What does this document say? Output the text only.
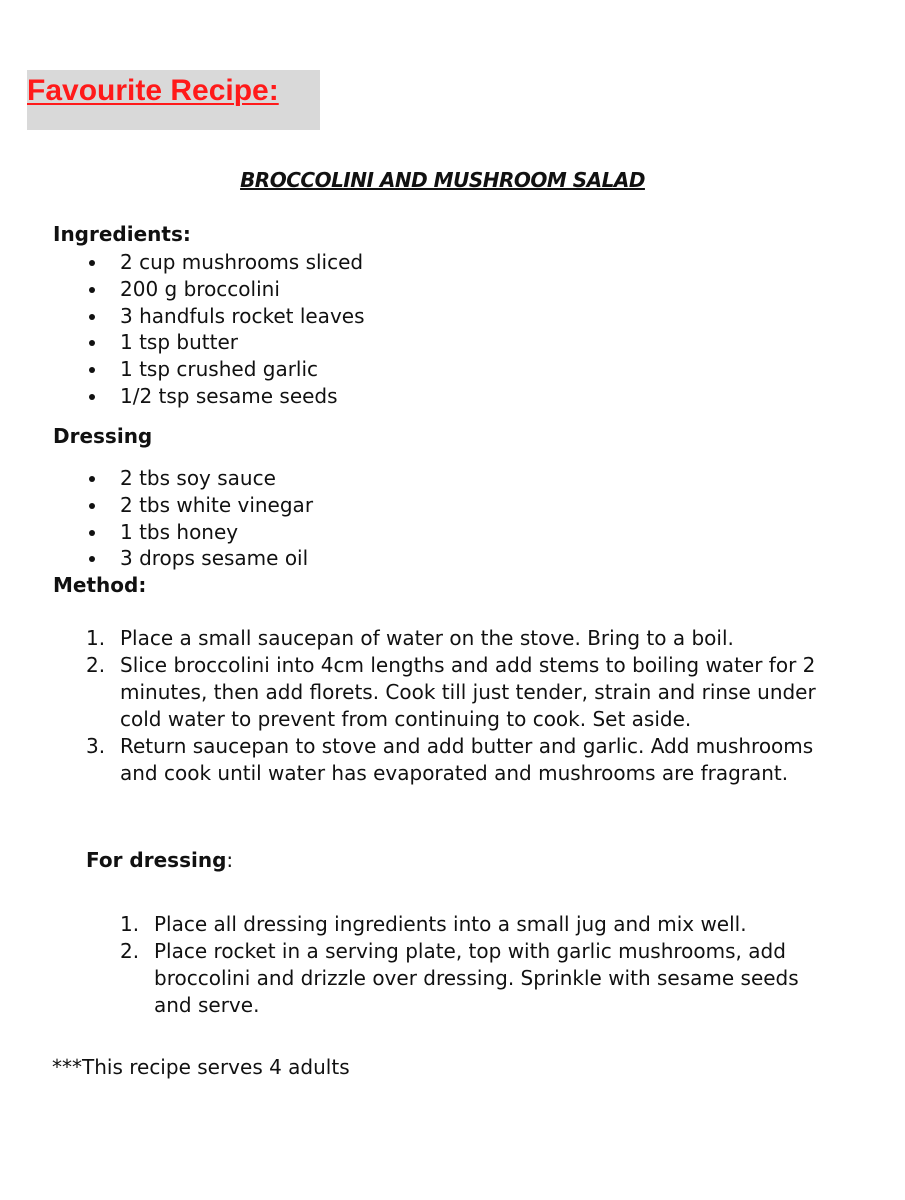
Favourite Recipe:
BROCCOLINI AND MUSHROOM SALAD
Ingredients:
2 cup mushrooms sliced
200 g broccolini
3 handfuls rocket leaves
1 tsp butter
1 tsp crushed garlic
1/2 tsp sesame seeds
Dressing
2 tbs soy sauce
2 tbs white vinegar
1 tbs honey
3 drops sesame oil
Method:
1. Place a small saucepan of water on the stove. Bring to a boil.
2. Slice broccolini into 4cm lengths and add stems to boiling water for 2 minutes, then add florets. Cook till just tender, strain and rinse under cold water to prevent from continuing to cook. Set aside.
3. Return saucepan to stove and add butter and garlic. Add mushrooms and cook until water has evaporated and mushrooms are fragrant.
For dressing:
1. Place all dressing ingredients into a small jug and mix well.
2. Place rocket in a serving plate, top with garlic mushrooms, add broccolini and drizzle over dressing. Sprinkle with sesame seeds and serve.
***This recipe serves 4 adults
